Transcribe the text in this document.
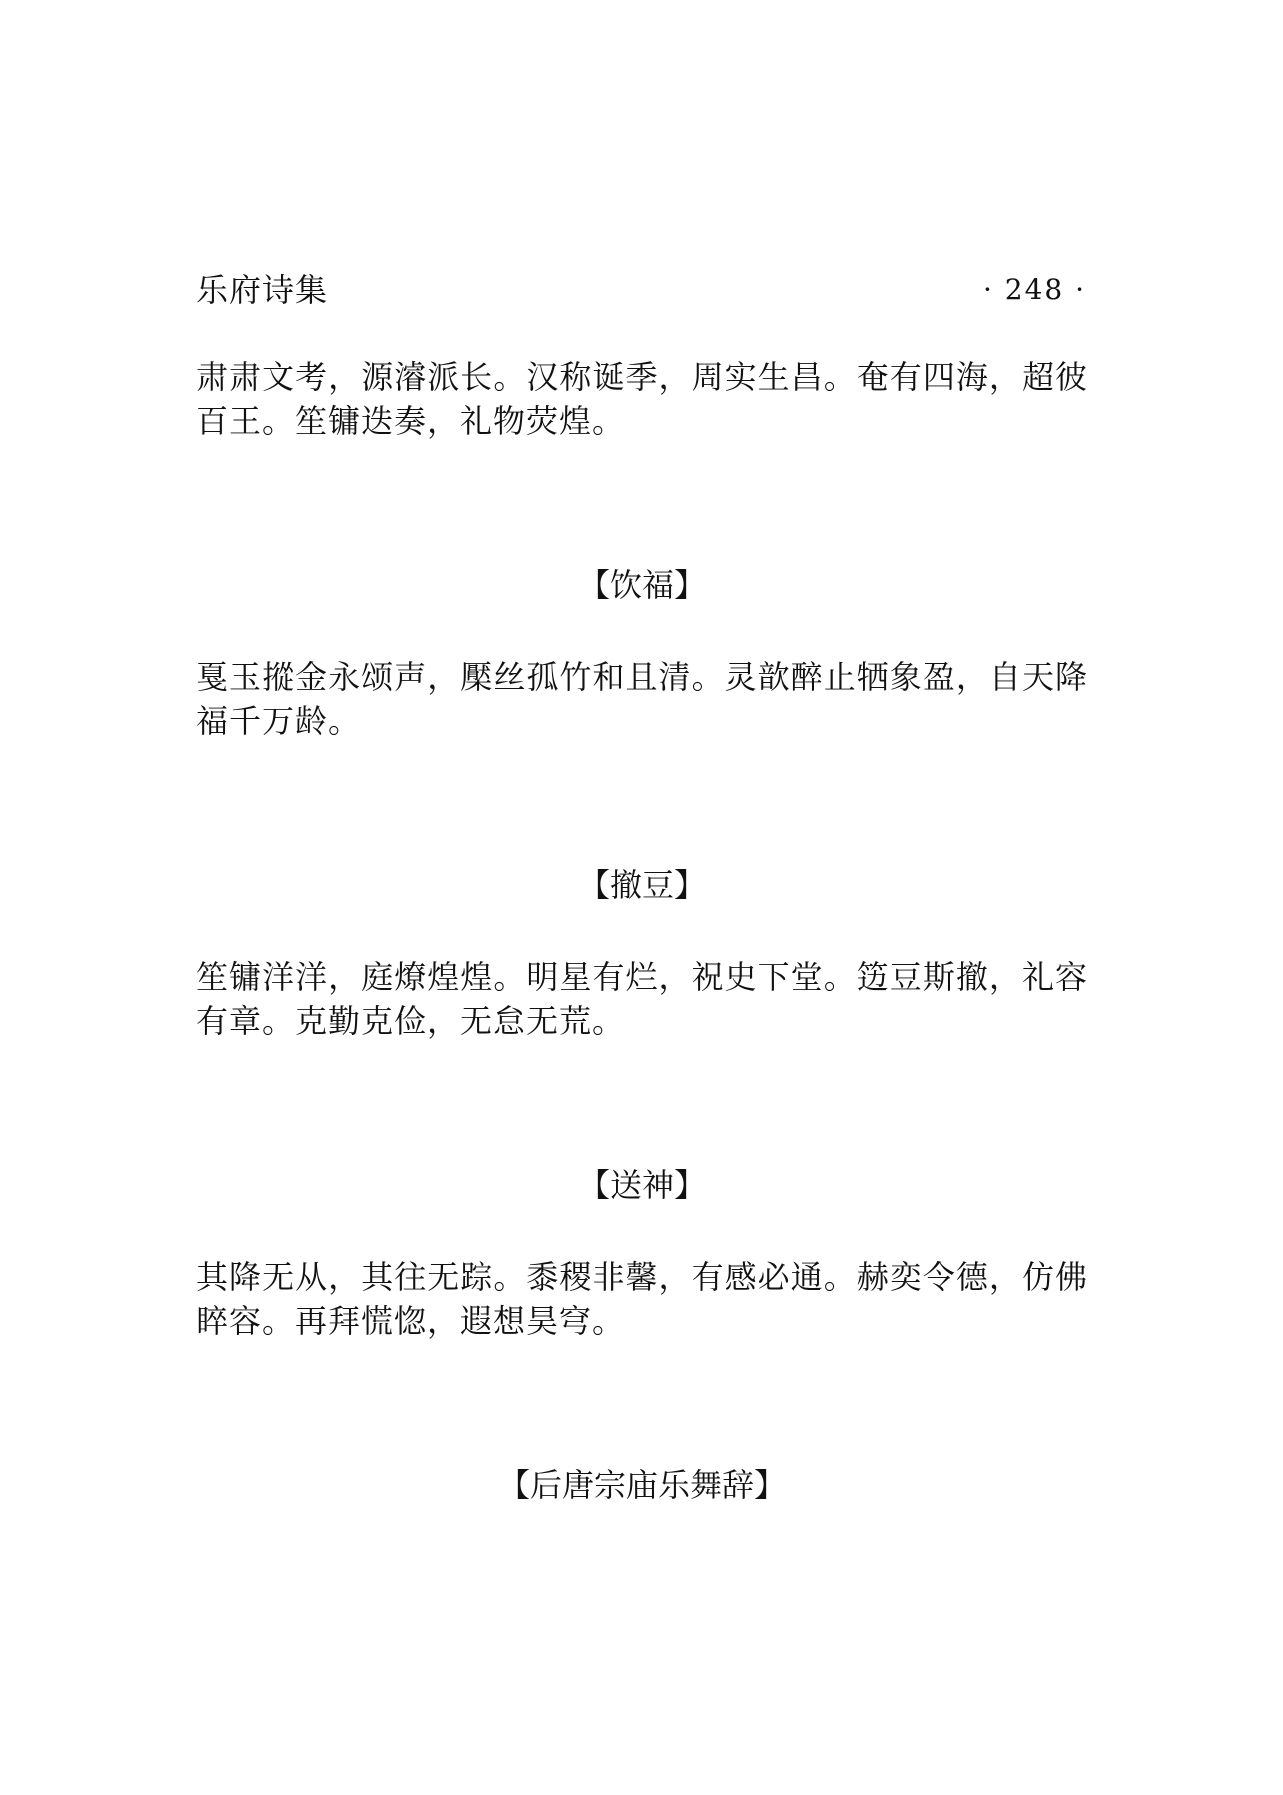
乐府诗集	· 248 ·

肃肃文考，源濬派长。汉称诞季，周实生昌。奄有四海，超彼百王。笙镛迭奏，礼物荧煌。

【饮福】

戛玉摐金永颂声，檿丝孤竹和且清。灵歆醉止牺象盈，自天降福千万龄。

【撤豆】

笙镛洋洋，庭燎煌煌。明星有烂，祝史下堂。笾豆斯撤，礼容有章。克勤克俭，无怠无荒。

【送神】

其降无从，其往无踪。黍稷非馨，有感必通。赫奕令德，仿佛睟容。再拜慌惚，遐想昊穹。

【后唐宗庙乐舞辞】
